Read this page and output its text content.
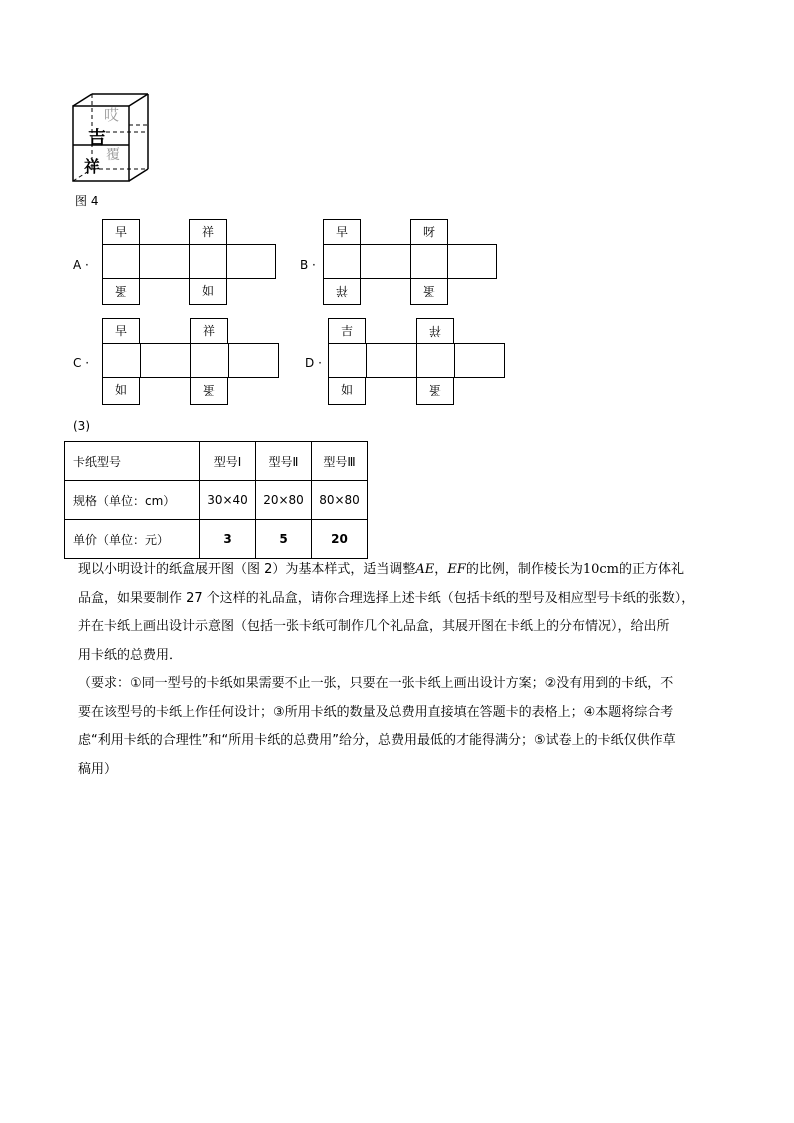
吉
祥
哎
覆
图 4
A ·
早	祥
蚤	如
B ·
早	呀
祥	蚤
C ·
早	祥
如	蚤
D ·
吉	祥
如	蚤
(3)
卡纸型号	型号Ⅰ	型号Ⅱ	型号Ⅲ
规格（单位：cm）	30×40	20×80	80×80
单价（单位：元）	3	5	20
现以小明设计的纸盒展开图（图 2）为基本样式，适当调整AE，EF的比例，制作棱长为10cm的正方体礼
品盒，如果要制作 27 个这样的礼品盒，请你合理选择上述卡纸（包括卡纸的型号及相应型号卡纸的张数），
并在卡纸上画出设计示意图（包括一张卡纸可制作几个礼品盒，其展开图在卡纸上的分布情况），给出所
用卡纸的总费用．
（要求：①同一型号的卡纸如果需要不止一张，只要在一张卡纸上画出设计方案；②没有用到的卡纸，不
要在该型号的卡纸上作任何设计；③所用卡纸的数量及总费用直接填在答题卡的表格上；④本题将综合考
虑“利用卡纸的合理性”和“所用卡纸的总费用”给分，总费用最低的才能得满分；⑤试卷上的卡纸仅供作草
稿用）
